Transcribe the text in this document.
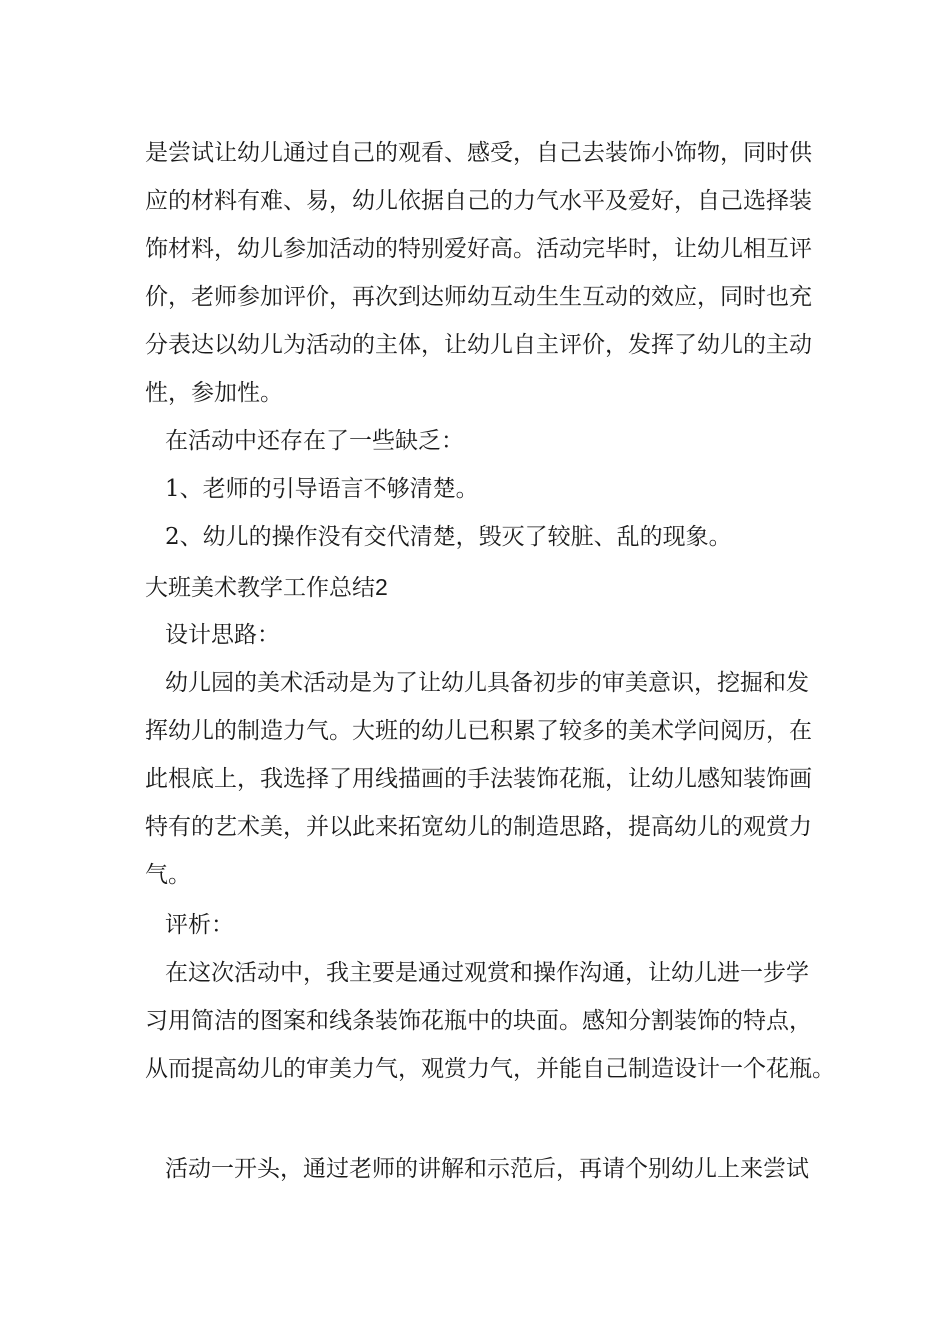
是尝试让幼儿通过自己的观看、感受，自己去装饰小饰物，同时供
应的材料有难、易，幼儿依据自己的力气水平及爱好，自己选择装
饰材料，幼儿参加活动的特别爱好高。活动完毕时，让幼儿相互评
价，老师参加评价，再次到达师幼互动生生互动的效应，同时也充
分表达以幼儿为活动的主体，让幼儿自主评价，发挥了幼儿的主动
性，参加性。
在活动中还存在了一些缺乏：
1、老师的引导语言不够清楚。
2、幼儿的操作没有交代清楚，毁灭了较脏、乱的现象。
大班美术教学工作总结2
设计思路：
幼儿园的美术活动是为了让幼儿具备初步的审美意识，挖掘和发
挥幼儿的制造力气。大班的幼儿已积累了较多的美术学问阅历，在
此根底上，我选择了用线描画的手法装饰花瓶，让幼儿感知装饰画
特有的艺术美，并以此来拓宽幼儿的制造思路，提高幼儿的观赏力
气。
评析：
在这次活动中，我主要是通过观赏和操作沟通，让幼儿进一步学
习用简洁的图案和线条装饰花瓶中的块面。感知分割装饰的特点，
从而提高幼儿的审美力气，观赏力气，并能自己制造设计一个花瓶。
活动一开头，通过老师的讲解和示范后，再请个别幼儿上来尝试
